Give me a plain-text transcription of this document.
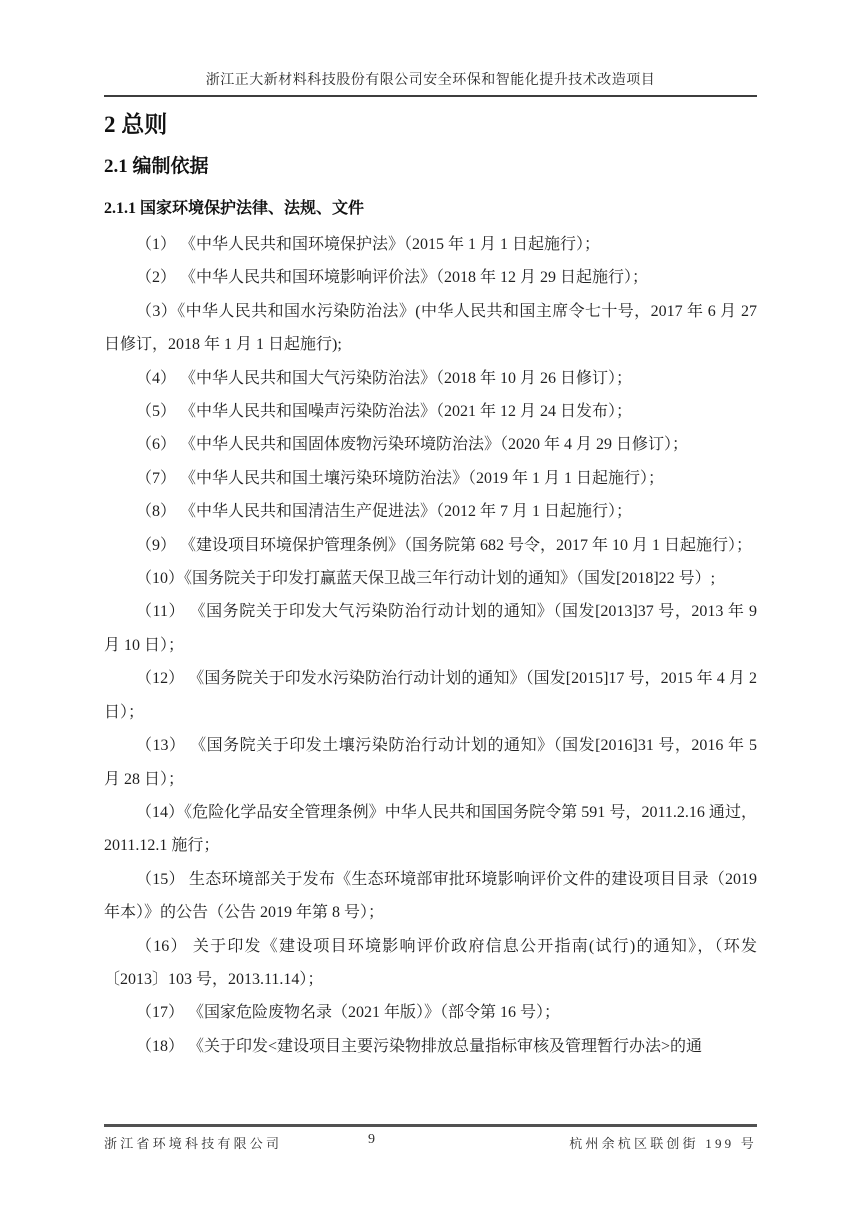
浙江正大新材料科技股份有限公司安全环保和智能化提升技术改造项目
2 总则
2.1 编制依据
2.1.1 国家环境保护法律、法规、文件

（1） 《中华人民共和国环境保护法》（2015 年 1 月 1 日起施行）；

（2） 《中华人民共和国环境影响评价法》（2018 年 12 月 29 日起施行）；

（3）《中华人民共和国水污染防治法》(中华人民共和国主席令七十号，2017 年 6 月 27 日修订，2018 年 1 月 1 日起施行);

（4） 《中华人民共和国大气污染防治法》（2018 年 10 月 26 日修订）；

（5） 《中华人民共和国噪声污染防治法》（2021 年 12 月 24 日发布）；

（6） 《中华人民共和国固体废物污染环境防治法》（2020 年 4 月 29 日修订）；

（7） 《中华人民共和国土壤污染环境防治法》（2019 年 1 月 1 日起施行）；

（8） 《中华人民共和国清洁生产促进法》（2012 年 7 月 1 日起施行）；

（9） 《建设项目环境保护管理条例》（国务院第 682 号令，2017 年 10 月 1 日起施行）；

（10）《国务院关于印发打赢蓝天保卫战三年行动计划的通知》（国发[2018]22 号）;

（11） 《国务院关于印发大气污染防治行动计划的通知》（国发[2013]37 号，2013 年 9 月 10 日）；

（12） 《国务院关于印发水污染防治行动计划的通知》（国发[2015]17 号，2015 年 4 月 2 日）；

（13） 《国务院关于印发土壤污染防治行动计划的通知》（国发[2016]31 号，2016 年 5 月 28 日）；

（14）《危险化学品安全管理条例》中华人民共和国国务院令第 591 号，2011.2.16 通过，2011.12.1 施行；

（15） 生态环境部关于发布《生态环境部审批环境影响评价文件的建设项目目录（2019 年本）》的公告（公告 2019 年第 8 号）；

（16） 关于印发《建设项目环境影响评价政府信息公开指南(试行)的通知》，（环发〔2013〕103 号，2013.11.14）；

（17） 《国家危险废物名录（2021 年版）》（部令第 16 号）；

（18） 《关于印发<建设项目主要污染物排放总量指标审核及管理暂行办法>的通

浙江省环境科技有限公司	9	杭州余杭区联创街 199 号
